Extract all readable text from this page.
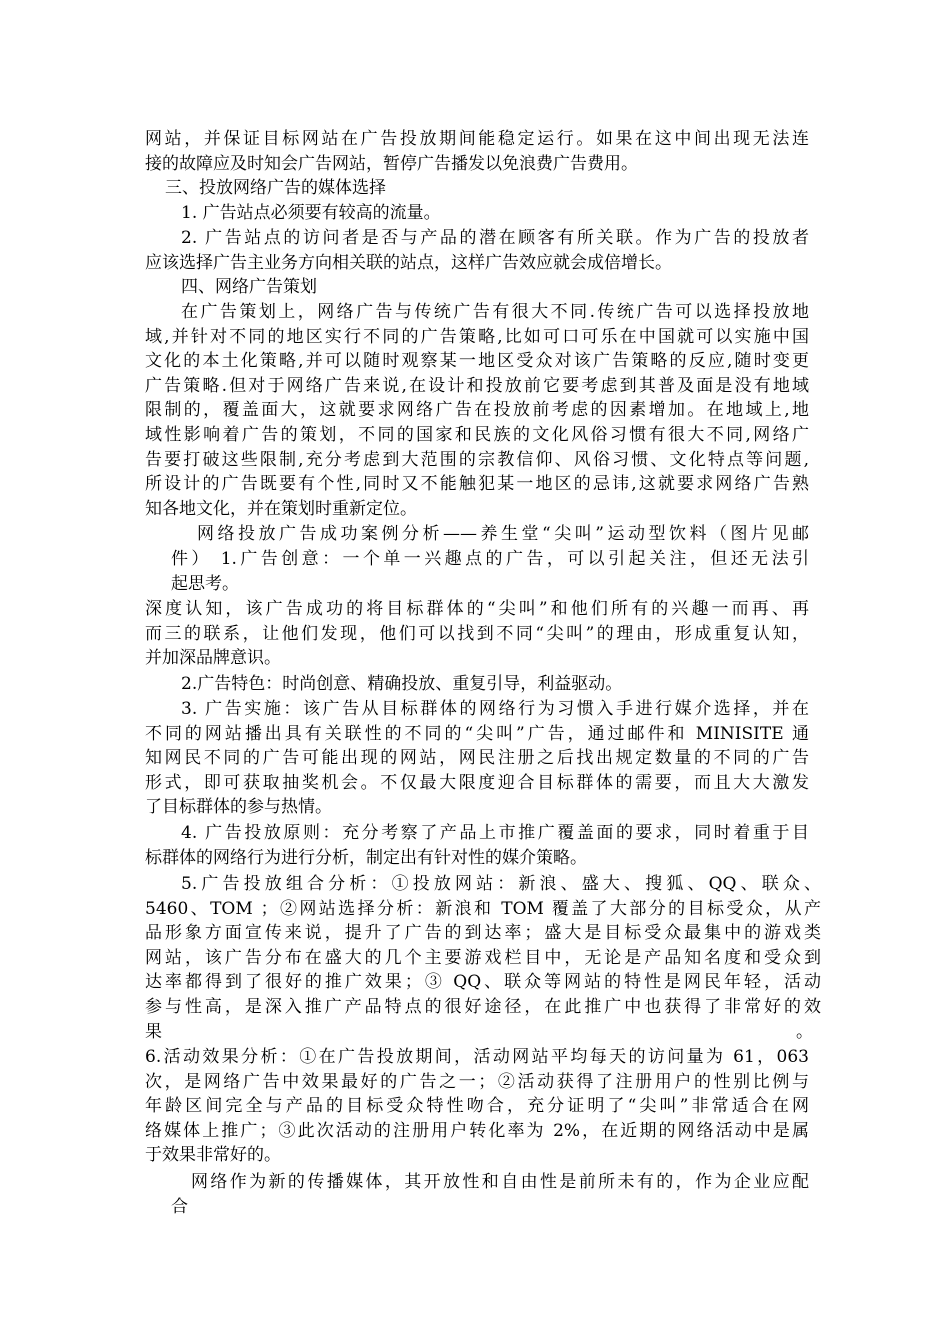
网站，并保证目标网站在广告投放期间能稳定运行。如果在这中间出现无法连
接的故障应及时知会广告网站，暂停广告播发以免浪费广告费用。
三、投放网络广告的媒体选择
1. 广告站点必须要有较高的流量。
2. 广告站点的访问者是否与产品的潜在顾客有所关联。作为广告的投放者
应该选择广告主业务方向相关联的站点，这样广告效应就会成倍增长。
四、网络广告策划
在广告策划上，网络广告与传统广告有很大不同.传统广告可以选择投放地
域,并针对不同的地区实行不同的广告策略,比如可口可乐在中国就可以实施中国
文化的本土化策略,并可以随时观察某一地区受众对该广告策略的反应,随时变更
广告策略.但对于网络广告来说,在设计和投放前它要考虑到其普及面是没有地域
限制的，覆盖面大，这就要求网络广告在投放前考虑的因素增加。在地域上,地
域性影响着广告的策划，不同的国家和民族的文化风俗习惯有很大不同,网络广
告要打破这些限制,充分考虑到大范围的宗教信仰、风俗习惯、文化特点等问题,
所设计的广告既要有个性,同时又不能触犯某一地区的忌讳,这就要求网络广告熟
知各地文化，并在策划时重新定位。
网络投放广告成功案例分析——养生堂“尖叫”运动型饮料（图片见邮
件） 1.广告创意：一个单一兴趣点的广告，可以引起关注，但还无法引
起思考。
深度认知，该广告成功的将目标群体的“尖叫”和他们所有的兴趣一而再、再
而三的联系，让他们发现，他们可以找到不同“尖叫”的理由，形成重复认知，
并加深品牌意识。
2.广告特色：时尚创意、精确投放、重复引导，利益驱动。
3. 广告实施：该广告从目标群体的网络行为习惯入手进行媒介选择，并在
不同的网站播出具有关联性的不同的“尖叫”广告，通过邮件和 MINISITE 通
知网民不同的广告可能出现的网站，网民注册之后找出规定数量的不同的广告
形式，即可获取抽奖机会。不仅最大限度迎合目标群体的需要，而且大大激发
了目标群体的参与热情。
4. 广告投放原则：充分考察了产品上市推广覆盖面的要求，同时着重于目
标群体的网络行为进行分析，制定出有针对性的媒介策略。
5.广告投放组合分析：①投放网站：新浪、盛大、搜狐、QQ、联众、
5460、TOM ；②网站选择分析：新浪和 TOM 覆盖了大部分的目标受众，从产
品形象方面宣传来说，提升了广告的到达率；盛大是目标受众最集中的游戏类
网站，该广告分布在盛大的几个主要游戏栏目中，无论是产品知名度和受众到
达率都得到了很好的推广效果；③ QQ、联众等网站的特性是网民年轻，活动
参与性高，是深入推广产品特点的很好途径，在此推广中也获得了非常好的效
果	。
6.活动效果分析：①在广告投放期间，活动网站平均每天的访问量为 61，063
次，是网络广告中效果最好的广告之一；②活动获得了注册用户的性别比例与
年龄区间完全与产品的目标受众特性吻合，充分证明了“尖叫”非常适合在网
络媒体上推广；③此次活动的注册用户转化率为 2%，在近期的网络活动中是属
于效果非常好的。
网络作为新的传播媒体，其开放性和自由性是前所未有的，作为企业应配
合
